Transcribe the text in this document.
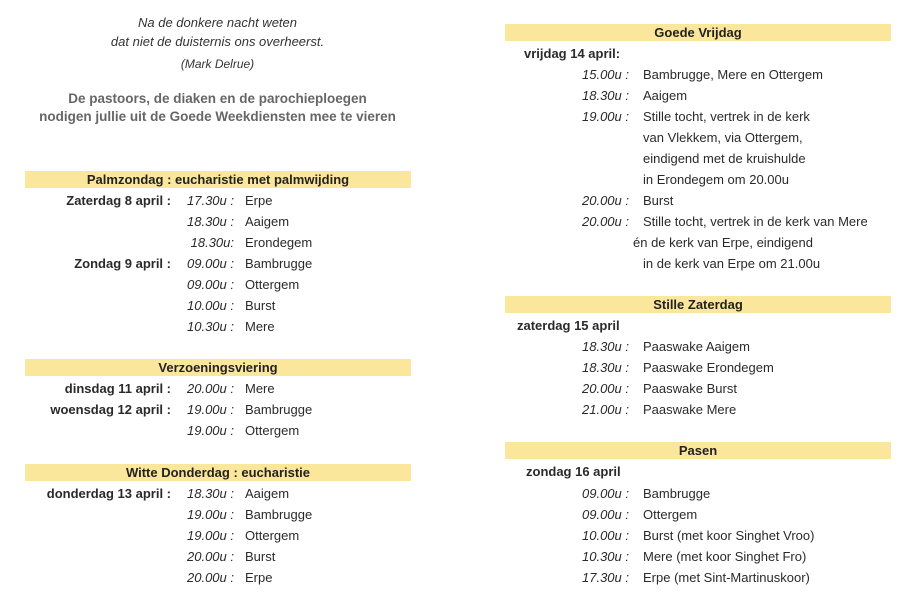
Na de donkere nacht weten
dat niet de duisternis ons overheerst.
(Mark Delrue)
De pastoors, de diaken en de parochieploegen
nodigen jullie uit de Goede Weekdiensten mee te vieren
Palmzondag : eucharistie met palmwijding
Zaterdag 8 april :
Zondag 9 april :
17.30u : Erpe
18.30u : Aaigem
18.30u: Erondegem
09.00u : Bambrugge
09.00u : Ottergem
10.00u : Burst
10.30u : Mere
Verzoeningsviering
dinsdag 11 april :
woensdag 12 april :
20.00u : Mere
19.00u : Bambrugge
19.00u : Ottergem
Witte Donderdag : eucharistie
donderdag 13 april :	18.30u : Aaigem
19.00u : Bambrugge
19.00u : Ottergem
20.00u : Burst
20.00u : Erpe
Goede Vrijdag
vrijdag 14 april:
15.00u : Bambrugge, Mere en Ottergem
18.30u : Aaigem
19.00u : Stille tocht, vertrek in de kerk
van Vlekkem, via Ottergem,
eindigend met de kruishulde
in Erondegem om 20.00u
20.00u : Burst
20.00u : Stille tocht, vertrek in de kerk van Mere
én de kerk van Erpe, eindigend
in de kerk van Erpe om 21.00u
Stille Zaterdag
zaterdag 15 april
18.30u : Paaswake Aaigem
18.30u : Paaswake Erondegem
20.00u : Paaswake Burst
21.00u : Paaswake Mere
Pasen
zondag 16 april
09.00u : Bambrugge
09.00u : Ottergem
10.00u : Burst (met koor Singhet Vroo)
10.30u : Mere (met koor Singhet Fro)
17.30u : Erpe (met Sint-Martinuskoor)
